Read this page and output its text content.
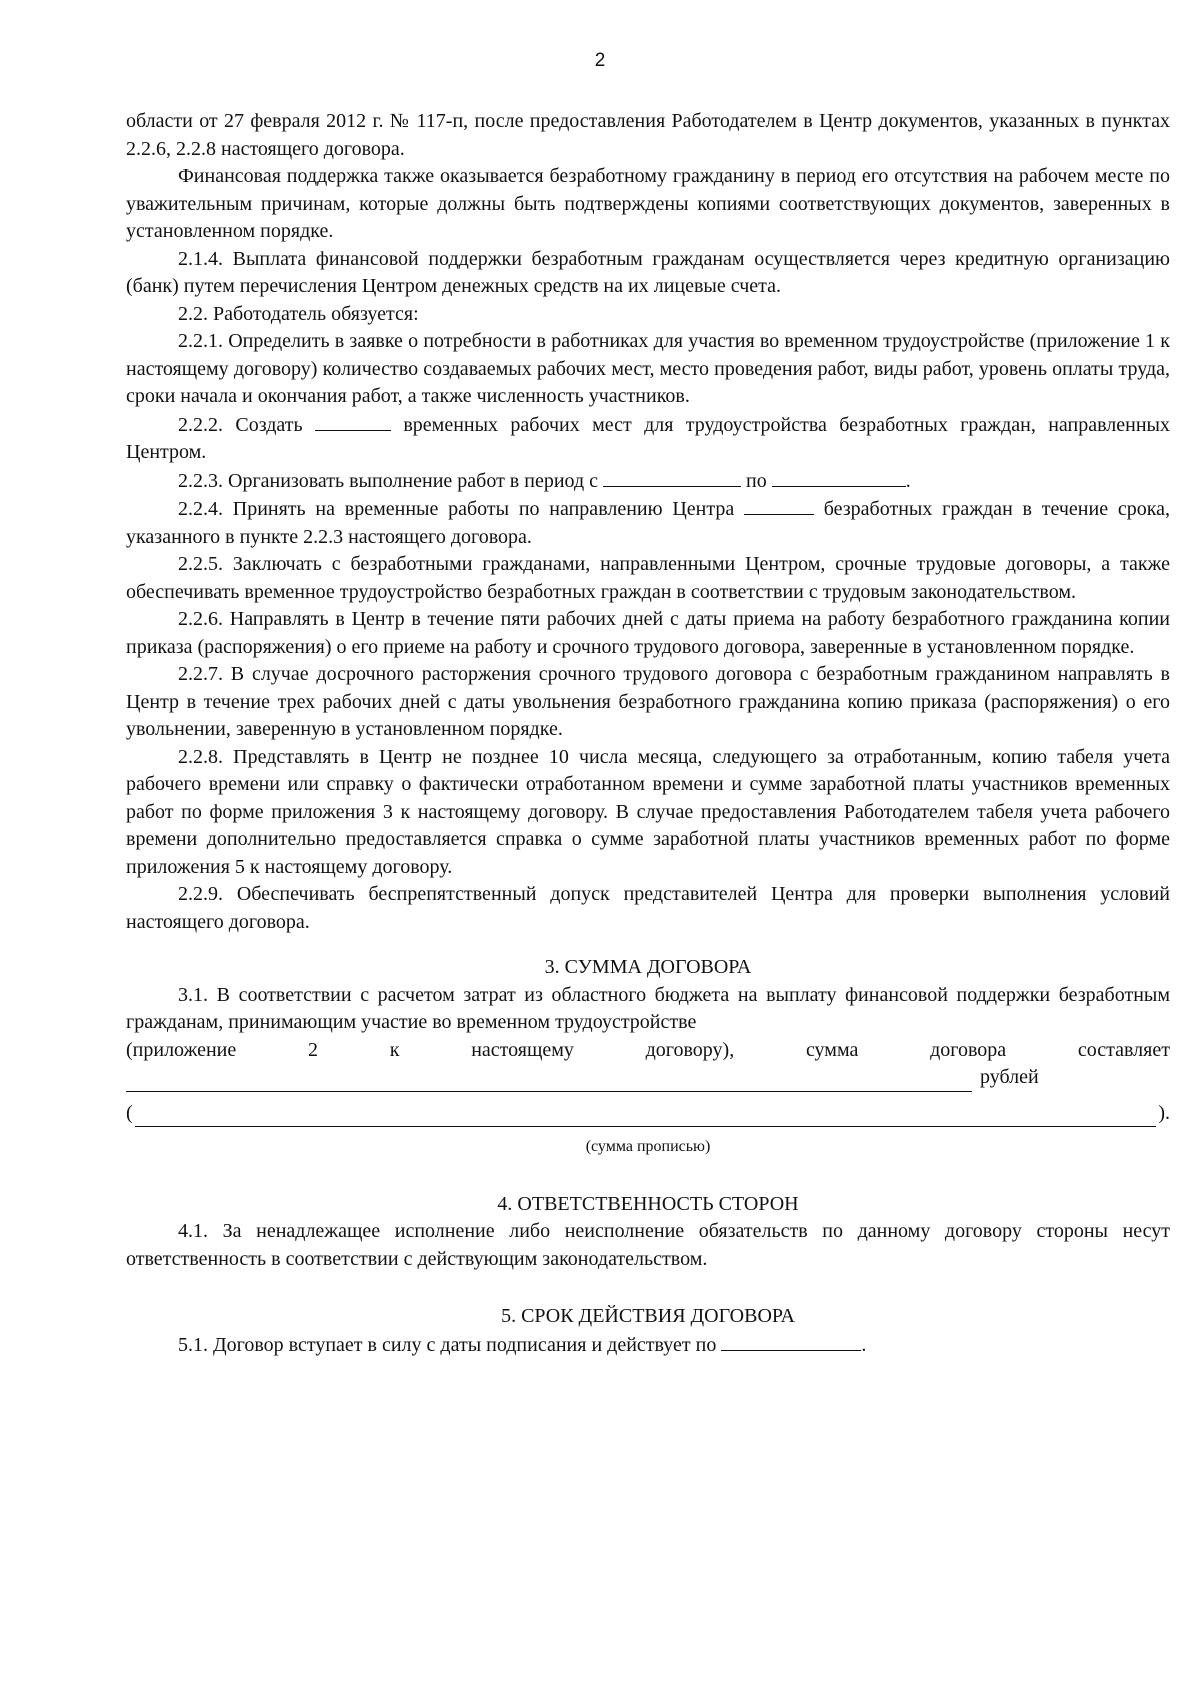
2

области от 27 февраля 2012 г. № 117-п, после предоставления Работодателем в Центр документов, указанных в пунктах 2.2.6, 2.2.8 настоящего договора.

Финансовая поддержка также оказывается безработному гражданину в период его отсутствия на рабочем месте по уважительным причинам, которые должны быть подтверждены копиями соответствующих документов, заверенных в установленном порядке.

2.1.4. Выплата финансовой поддержки безработным гражданам осуществляется через кредитную организацию (банк) путем перечисления Центром денежных средств на их лицевые счета.

2.2. Работодатель обязуется:

2.2.1. Определить в заявке о потребности в работниках для участия во временном трудоустройстве (приложение 1 к настоящему договору) количество создаваемых рабочих мест, место проведения работ, виды работ, уровень оплаты труда, сроки начала и окончания работ, а также численность участников.

2.2.2. Создать	временных рабочих мест для трудоустройства безработных граждан, направленных Центром.

2.2.3. Организовать выполнение работ в период с	по	.

2.2.4. Принять на временные работы по направлению Центра	безработных граждан в течение срока, указанного в пункте 2.2.3 настоящего договора.

2.2.5. Заключать с безработными гражданами, направленными Центром, срочные трудовые договоры, а также обеспечивать временное трудоустройство безработных граждан в соответствии с трудовым законодательством.

2.2.6. Направлять в Центр в течение пяти рабочих дней с даты приема на работу безработного гражданина копии приказа (распоряжения) о его приеме на работу и срочного трудового договора, заверенные в установленном порядке.

2.2.7. В случае досрочного расторжения срочного трудового договора с безработным гражданином направлять в Центр в течение трех рабочих дней с даты увольнения безработного гражданина копию приказа (распоряжения) о его увольнении, заверенную в установленном порядке.

2.2.8. Представлять в Центр не позднее 10 числа месяца, следующего за отработанным, копию табеля учета рабочего времени или справку о фактически отработанном времени и сумме заработной платы участников временных работ по форме приложения 3 к настоящему договору. В случае предоставления Работодателем табеля учета рабочего времени дополнительно предоставляется справка о сумме заработной платы участников временных работ по форме приложения 5 к настоящему договору.

2.2.9. Обеспечивать беспрепятственный допуск представителей Центра для проверки выполнения условий настоящего договора.

3. СУММА ДОГОВОРА

3.1. В соответствии с расчетом затрат из областного бюджета на выплату финансовой поддержки безработным гражданам, принимающим участие во временном трудоустройстве

(приложение	2	к	настоящему	договору),	сумма	договора	составляет

рублей

(	).

(сумма прописью)

4. ОТВЕТСТВЕННОСТЬ СТОРОН

4.1. За ненадлежащее исполнение либо неисполнение обязательств по данному договору стороны несут ответственность в соответствии с действующим законодательством.

5. СРОК ДЕЙСТВИЯ ДОГОВОРА

5.1. Договор вступает в силу с даты подписания и действует по	.
